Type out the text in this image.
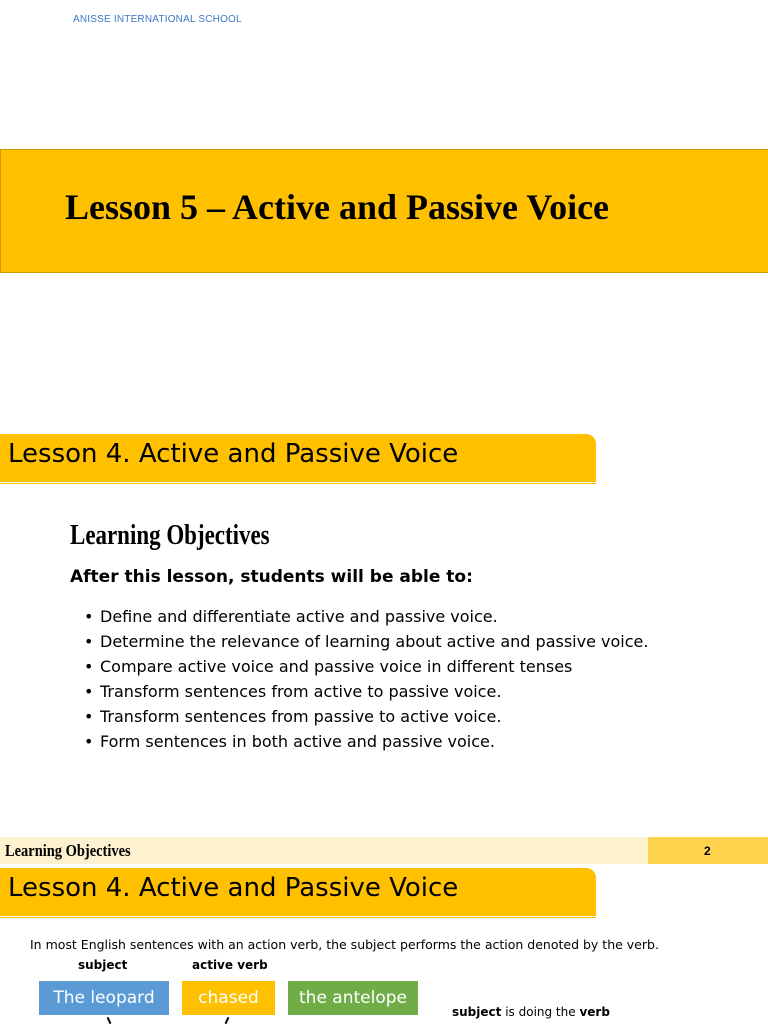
ANISSE INTERNATIONAL SCHOOL
Lesson 5 – Active and Passive Voice
Lesson 4. Active and Passive Voice
Learning Objectives
After this lesson, students will be able to:
• Define and differentiate active and passive voice.
• Determine the relevance of learning about active and passive voice.
• Compare active voice and passive voice in different tenses
• Transform sentences from active to passive voice.
• Transform sentences from passive to active voice.
• Form sentences in both active and passive voice.
Learning Objectives	2
Lesson 4. Active and Passive Voice
In most English sentences with an action verb, the subject performs the action denoted by the verb.
subject	active verb
The leopard	chased	the antelope
subject is doing the verb
